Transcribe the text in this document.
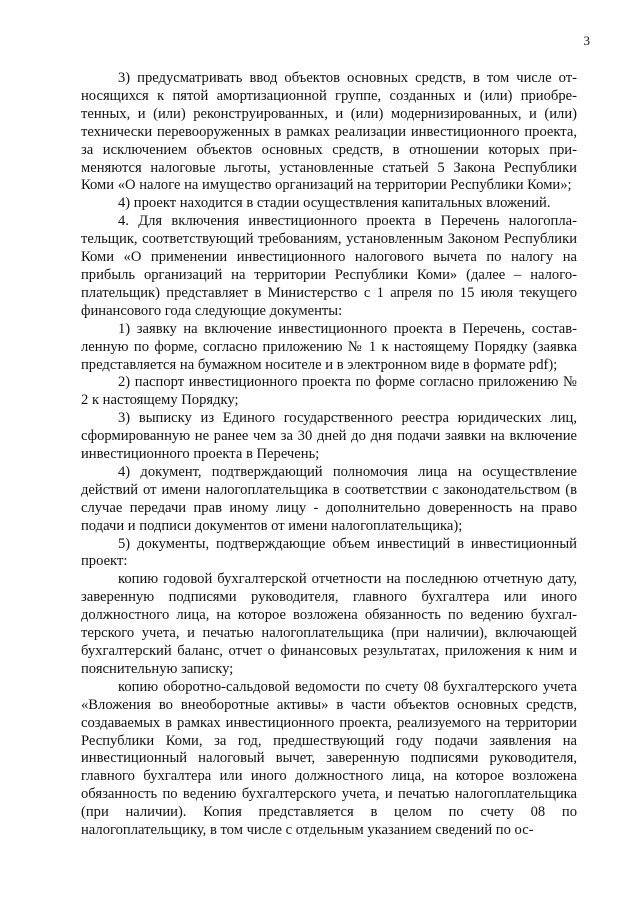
3

3) предусматривать ввод объектов основных средств, в том числе относящихся к пятой амортизационной группе, созданных и (или) приобретенных, и (или) реконструированных, и (или) модернизированных, и (или) технически перевооруженных в рамках реализации инвестиционного проекта, за исключением объектов основных средств, в отношении которых применяются налоговые льготы, установленные статьей 5 Закона Республики Коми «О налоге на имущество организаций на территории Республики Коми»;

4) проект находится в стадии осуществления капитальных вложений.

4. Для включения инвестиционного проекта в Перечень налогоплательщик, соответствующий требованиям, установленным Законом Республики Коми «О применении инвестиционного налогового вычета по налогу на прибыль организаций на территории Республики Коми» (далее – налогоплательщик) представляет в Министерство с 1 апреля по 15 июля текущего финансового года следующие документы:

1) заявку на включение инвестиционного проекта в Перечень, составленную по форме, согласно приложению № 1 к настоящему Порядку (заявка представляется на бумажном носителе и в электронном виде в формате pdf);

2) паспорт инвестиционного проекта по форме согласно приложению № 2 к настоящему Порядку;

3) выписку из Единого государственного реестра юридических лиц, сформированную не ранее чем за 30 дней до дня подачи заявки на включение инвестиционного проекта в Перечень;

4) документ, подтверждающий полномочия лица на осуществление действий от имени налогоплательщика в соответствии с законодательством (в случае передачи прав иному лицу - дополнительно доверенность на право подачи и подписи документов от имени налогоплательщика);

5) документы, подтверждающие объем инвестиций в инвестиционный проект:

копию годовой бухгалтерской отчетности на последнюю отчетную дату, заверенную подписями руководителя, главного бухгалтера или иного должностного лица, на которое возложена обязанность по ведению бухгалтерского учета, и печатью налогоплательщика (при наличии), включающей бухгалтерский баланс, отчет о финансовых результатах, приложения к ним и пояснительную записку;

копию оборотно-сальдовой ведомости по счету 08 бухгалтерского учета «Вложения во внеоборотные активы» в части объектов основных средств, создаваемых в рамках инвестиционного проекта, реализуемого на территории Республики Коми, за год, предшествующий году подачи заявления на инвестиционный налоговый вычет, заверенную подписями руководителя, главного бухгалтера или иного должностного лица, на которое возложена обязанность по ведению бухгалтерского учета, и печатью налогоплательщика (при наличии). Копия представляется в целом по счету 08 по налогоплательщику, в том числе с отдельным указанием сведений по ос-
